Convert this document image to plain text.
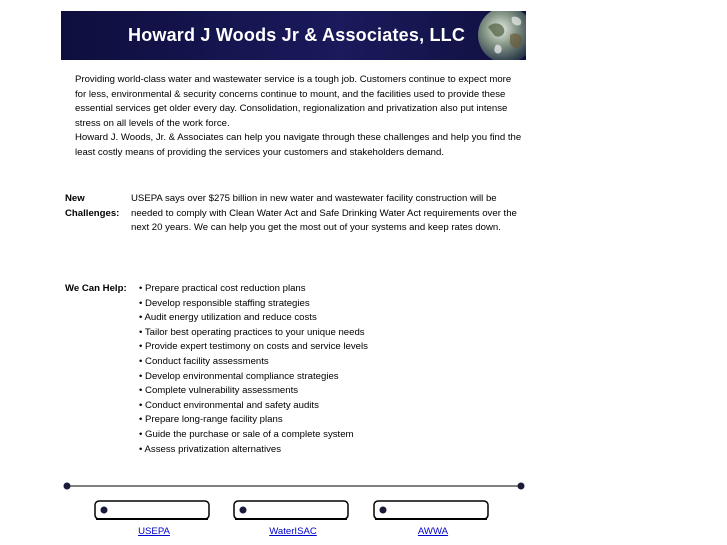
Howard J Woods Jr & Associates, LLC

Providing world-class water and wastewater service is a tough job. Customers continue to expect more for less, environmental & security concerns continue to mount, and the facilities used to provide these essential services get older every day. Consolidation, regionalization and privatization also put intense stress on all levels of the work force.

Howard J. Woods, Jr. & Associates can help you navigate through these challenges and help you find the least costly means of providing the services your customers and stakeholders demand.

New Challenges:
USEPA says over $275 billion in new water and wastewater facility construction will be needed to comply with Clean Water Act and Safe Drinking Water Act requirements over the next 20 years. We can help you get the most out of your systems and keep rates down.
We Can Help:
•	Prepare practical cost reduction plans
• Develop responsible staffing strategies
• Audit energy utilization and reduce costs
• Tailor best operating practices to your unique needs
• Provide expert testimony on costs and service levels
• Conduct facility assessments
• Develop environmental compliance strategies
• Complete vulnerability assessments
• Conduct environmental and safety audits
• Prepare long-range facility plans
• Guide the purchase or sale of a complete system
• Assess privatization alternatives
USEPA	WaterISAC	AWWA
